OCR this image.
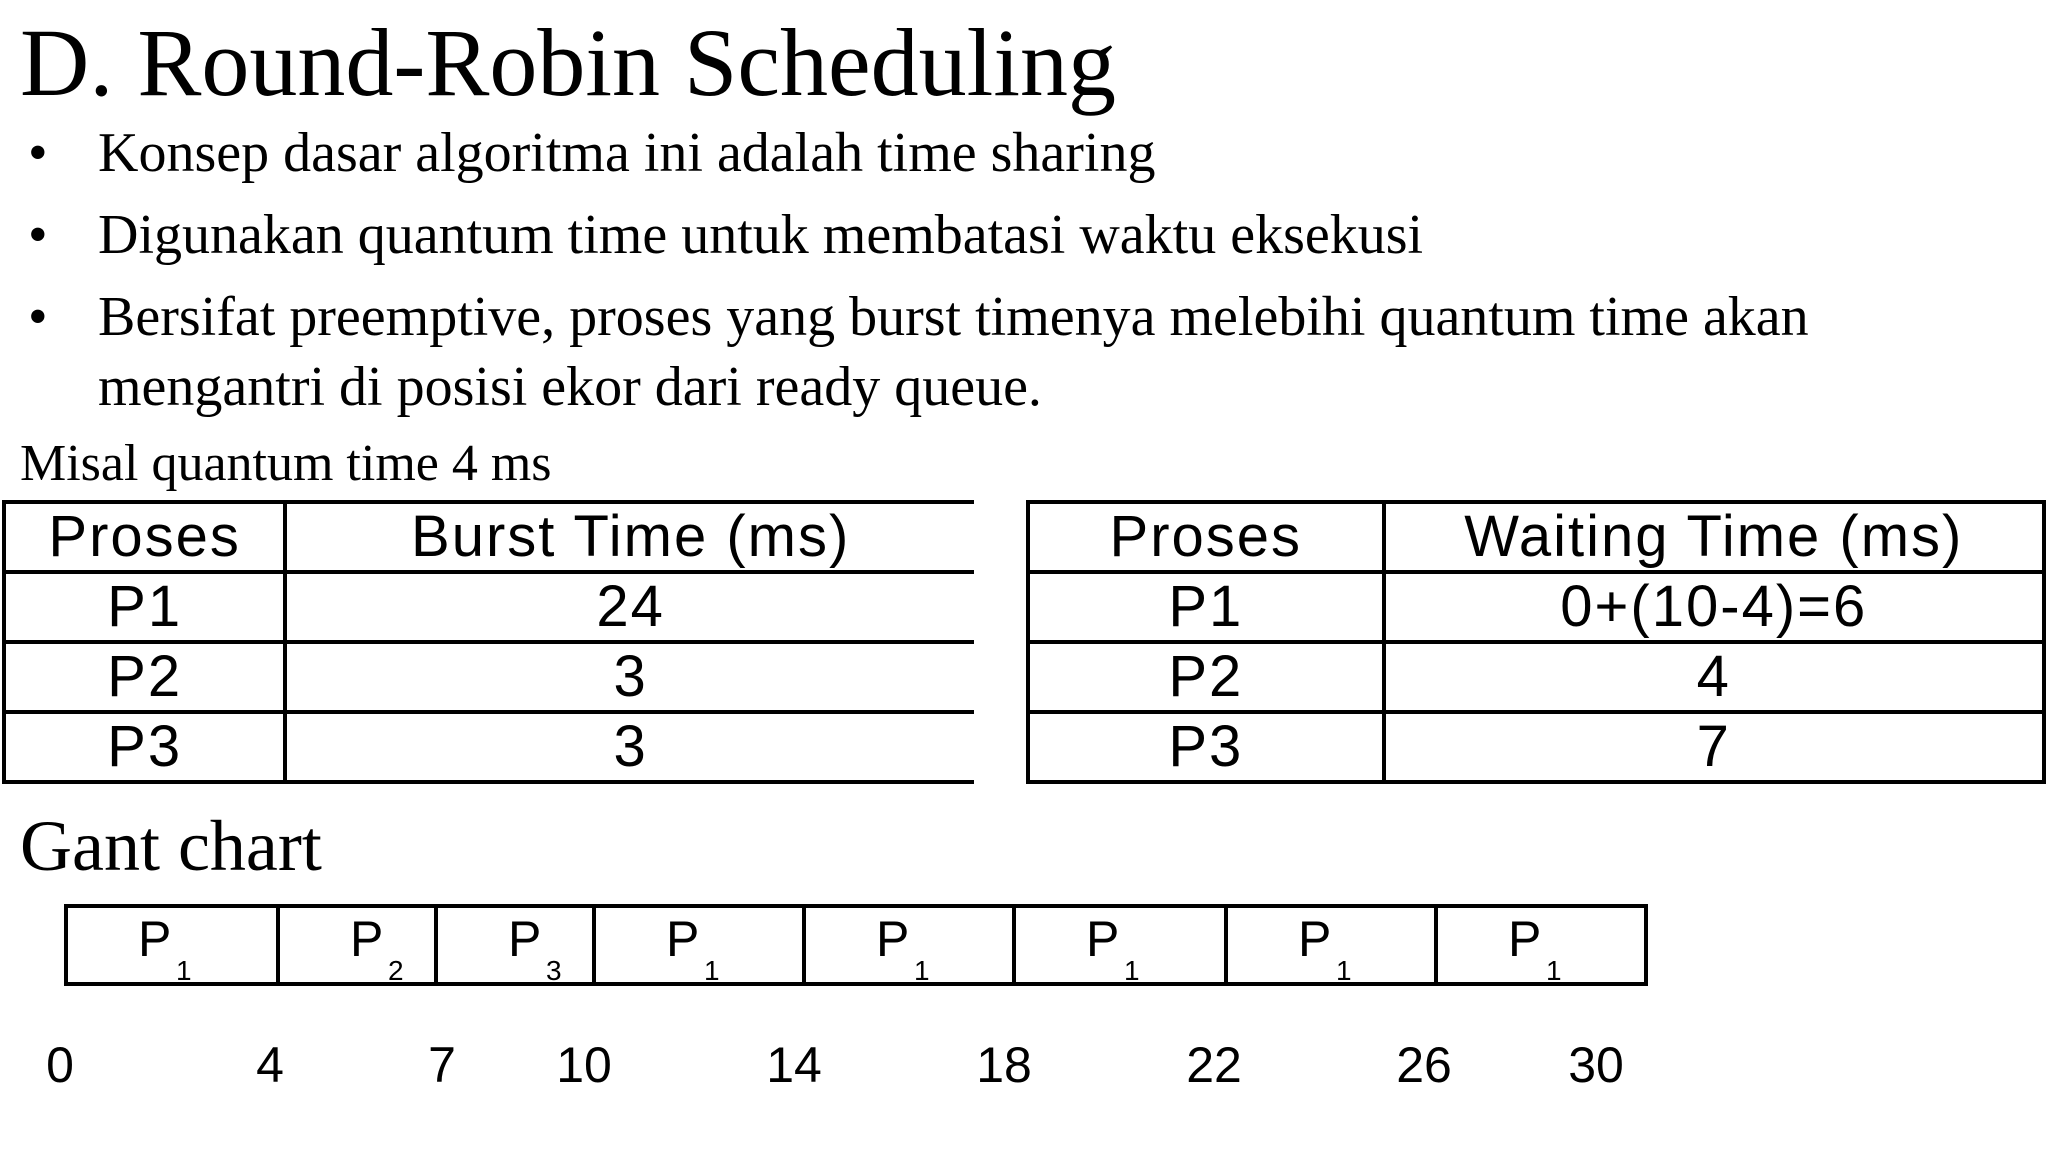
D. Round-Robin Scheduling
• Konsep dasar algoritma ini adalah time sharing
• Digunakan quantum time untuk membatasi waktu eksekusi
• Bersifat preemptive, proses yang burst timenya melebihi quantum time akan mengantri di posisi ekor dari ready queue.
Misal quantum time 4 ms
Proses	Burst Time (ms)
P1	24
P2	3
P3	3
Proses	Waiting Time (ms)
P1	0+(10-4)=6
P2	4
P3	7
Gant chart
P
1
P
2
P
3
P
1
P
1
P
1
P
1
P
1
0	4	7 10	14	18	22	26 30
